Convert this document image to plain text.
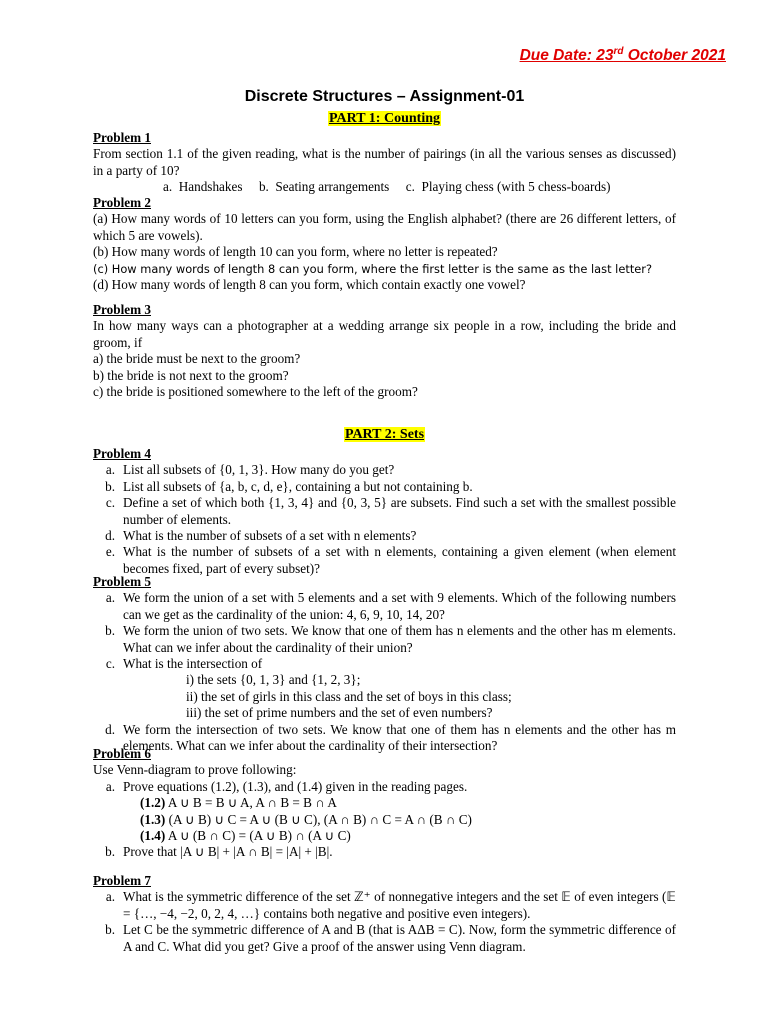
Due Date: 23rd October 2021
Discrete Structures – Assignment-01
PART 1: Counting
Problem 1
From section 1.1 of the given reading, what is the number of pairings (in all the various senses as discussed) in a party of 10?
a.  Handshakes     b.  Seating arrangements     c.  Playing chess (with 5 chess-boards)
Problem 2
(a) How many words of 10 letters can you form, using the English alphabet? (there are 26 different letters, of which 5 are vowels).
(b) How many words of length 10 can you form, where no letter is repeated?
(c) How many words of length 8 can you form, where the first letter is the same as the last letter?
(d) How many words of length 8 can you form, which contain exactly one vowel?
Problem 3
In how many ways can a photographer at a wedding arrange six people in a row, including the bride and groom, if
a) the bride must be next to the groom?
b) the bride is not next to the groom?
c) the bride is positioned somewhere to the left of the groom?
PART 2: Sets
Problem 4
a. List all subsets of {0, 1, 3}. How many do you get?
b. List all subsets of {a, b, c, d, e}, containing a but not containing b.
c. Define a set of which both {1, 3, 4} and {0, 3, 5} are subsets. Find such a set with the smallest possible number of elements.
d. What is the number of subsets of a set with n elements?
e. What is the number of subsets of a set with n elements, containing a given element (when element becomes fixed, part of every subset)?
Problem 5
a. We form the union of a set with 5 elements and a set with 9 elements. Which of the following numbers can we get as the cardinality of the union: 4, 6, 9, 10, 14, 20?
b. We form the union of two sets. We know that one of them has n elements and the other has m elements. What can we infer about the cardinality of their union?
c. What is the intersection of
i) the sets {0, 1, 3} and {1, 2, 3};
ii) the set of girls in this class and the set of boys in this class;
iii) the set of prime numbers and the set of even numbers?
d. We form the intersection of two sets. We know that one of them has n elements and the other has m elements. What can we infer about the cardinality of their intersection?
Problem 6
Use Venn-diagram to prove following:
a. Prove equations (1.2), (1.3), and (1.4) given in the reading pages.
(1.2) A ∪ B = B ∪ A, A ∩ B = B ∩ A
(1.3) (A ∪ B) ∪ C = A ∪ (B ∪ C), (A ∩ B) ∩ C = A ∩ (B ∩ C)
(1.4) A ∪ (B ∩ C) = (A ∪ B) ∩ (A ∪ C)
b. Prove that |A ∪ B| + |A ∩ B| = |A| + |B|.
Problem 7
a. What is the symmetric difference of the set ℤ⁺ of nonnegative integers and the set 𝔼 of even integers (𝔼 = {…, −4, −2, 0, 2, 4, …} contains both negative and positive even integers).
b. Let C be the symmetric difference of A and B (that is AΔB = C). Now, form the symmetric difference of A and C. What did you get? Give a proof of the answer using Venn diagram.
